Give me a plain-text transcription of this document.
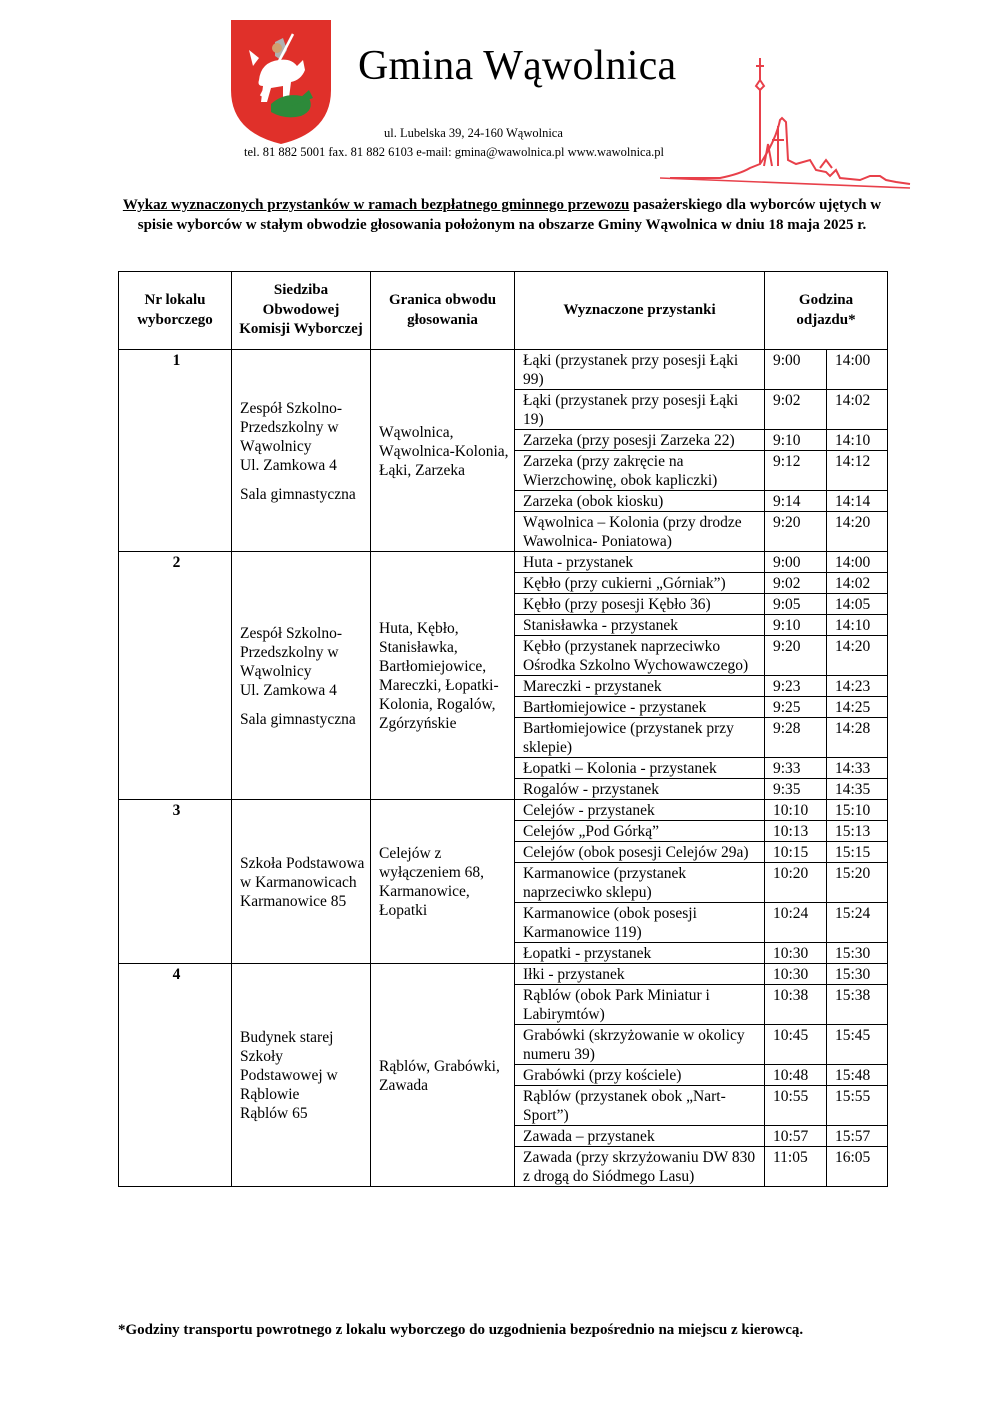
Gmina Wąwolnica
ul. Lubelska 39, 24-160 Wąwolnica
tel. 81 882 5001 fax. 81 882 6103 e-mail: gmina@wawolnica.pl www.wawolnica.pl
Wykaz wyznaczonych przystanków w ramach bezpłatnego gminnego przewozu pasażerskiego dla wyborców ujętych w spisie wyborców w stałym obwodzie głosowania położonym na obszarze Gminy Wąwolnica w dniu 18 maja 2025 r.
Nr lokalu wyborczego	Siedziba Obwodowej Komisji Wyborczej	Granica obwodu głosowania	Wyznaczone przystanki	Godzina odjazdu*	
1	Zespół Szkolno-Przedszkolny w Wąwolnicy
Ul. Zamkowa 4
Sala gimnastyczna	Wąwolnica, Wąwolnica-Kolonia, Łąki, Zarzeka	Łąki (przystanek przy posesji Łąki 99)	9:00	14:00
			Łąki (przystanek przy posesji Łąki 19)	9:02	14:02
			Zarzeka (przy posesji Zarzeka 22)	9:10	14:10
			Zarzeka (przy zakręcie na Wierzchowinę, obok kapliczki)	9:12	14:12
			Zarzeka (obok kiosku)	9:14	14:14
			Wąwolnica – Kolonia (przy drodze Wawolnica- Poniatowa)	9:20	14:20
2	Zespół Szkolno-Przedszkolny w Wąwolnicy
Ul. Zamkowa 4
Sala gimnastyczna	Huta, Kębło, Stanisławka, Bartłomiejowice, Mareczki, Łopatki-Kolonia, Rogalów, Zgórzyńskie	Huta - przystanek	9:00	14:00
			Kębło (przy cukierni „Górniak”)	9:02	14:02
			Kębło (przy posesji Kębło 36)	9:05	14:05
			Stanisławka - przystanek	9:10	14:10
			Kębło (przystanek naprzeciwko Ośrodka Szkolno Wychowawczego)	9:20	14:20
			Mareczki - przystanek	9:23	14:23
			Bartłomiejowice - przystanek	9:25	14:25
			Bartłomiejowice (przystanek przy sklepie)	9:28	14:28
			Łopatki – Kolonia - przystanek	9:33	14:33
			Rogalów - przystanek	9:35	14:35
3	Szkoła Podstawowa w Karmanowicach
Karmanowice 85	Celejów z wyłączeniem 68, Karmanowice, Łopatki	Celejów - przystanek	10:10	15:10
			Celejów „Pod Górką”	10:13	15:13
			Celejów (obok posesji Celejów 29a)	10:15	15:15
			Karmanowice (przystanek naprzeciwko sklepu)	10:20	15:20
			Karmanowice (obok posesji Karmanowice 119)	10:24	15:24
			Łopatki - przystanek	10:30	15:30
4	Budynek starej Szkoły Podstawowej w Rąblowie
Rąblów 65	Rąblów, Grabówki, Zawada	Iłki - przystanek	10:30	15:30
			Rąblów (obok Park Miniatur i Labirymtów)	10:38	15:38
			Grabówki (skrzyżowanie w okolicy numeru 39)	10:45	15:45
			Grabówki (przy kościele)	10:48	15:48
			Rąblów (przystanek obok „Nart-Sport”)	10:55	15:55
			Zawada – przystanek	10:57	15:57
			Zawada (przy skrzyżowaniu DW 830 z drogą do Siódmego Lasu)	11:05	16:05
*Godziny transportu powrotnego z lokalu wyborczego do uzgodnienia bezpośrednio na miejscu z kierowcą.
